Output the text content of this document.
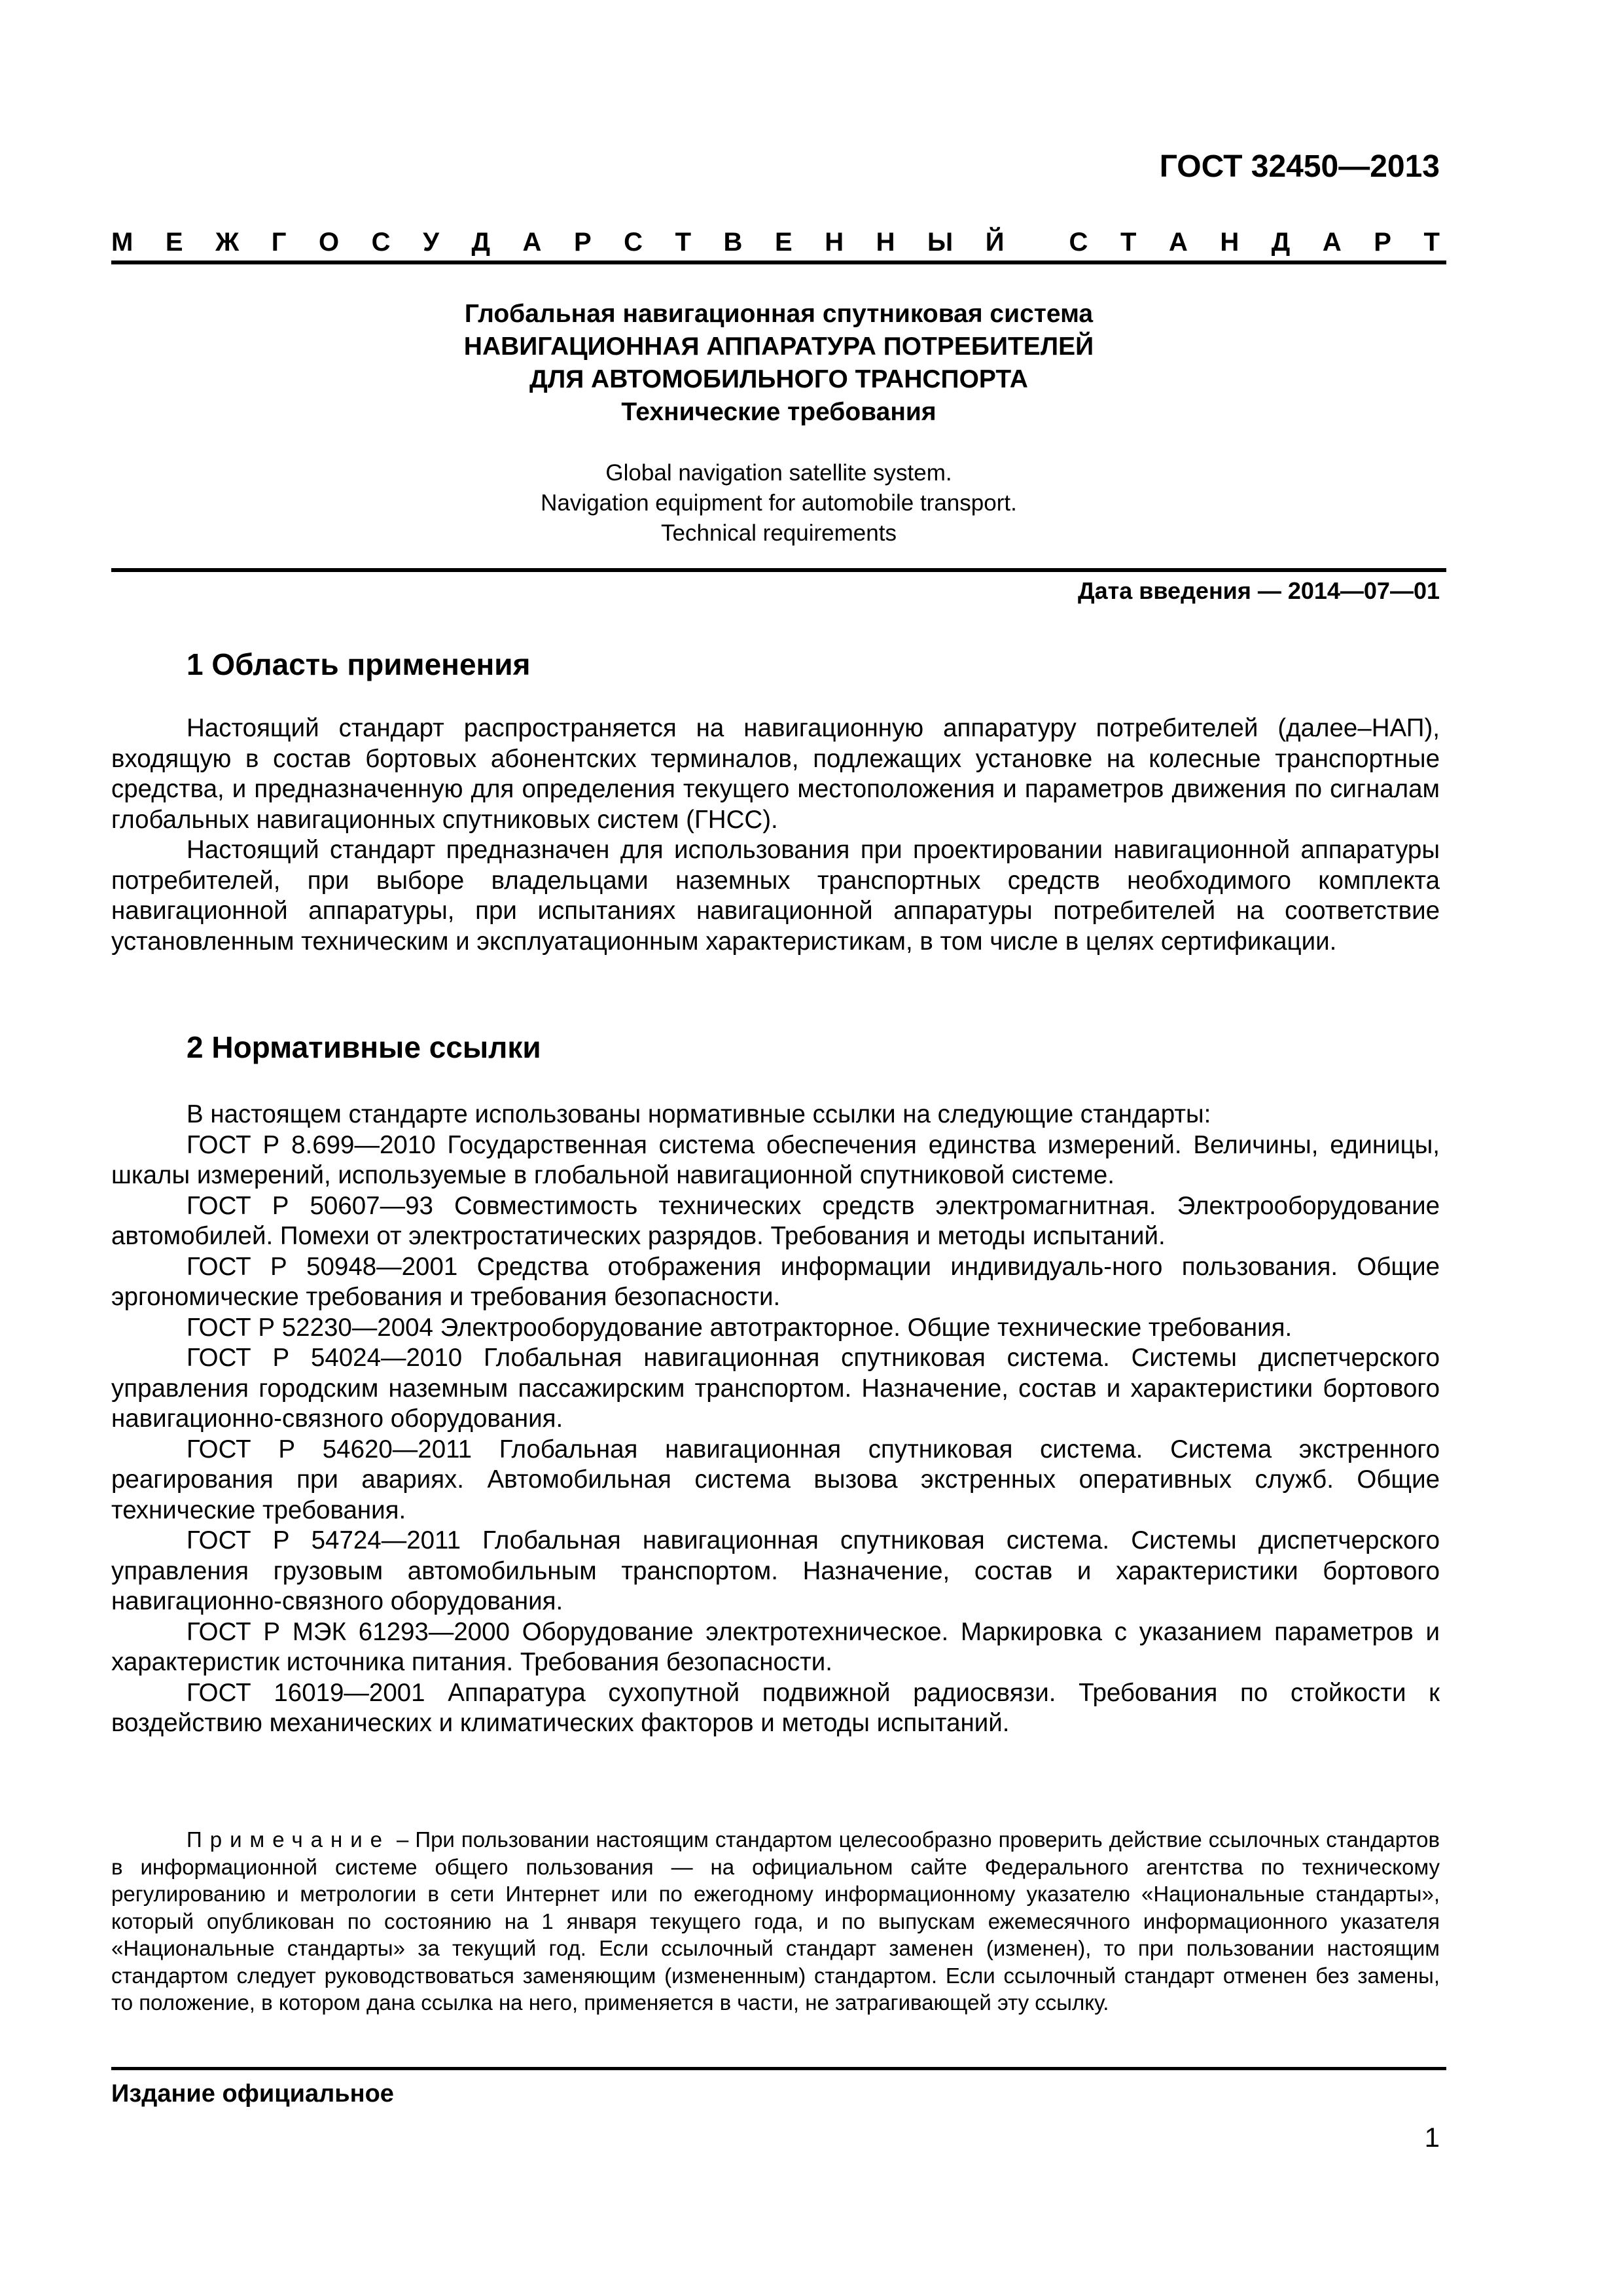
ГОСТ 32450—2013
М Е Ж Г О С У Д А Р С Т В Е Н Н Ы Й С Т А Н Д А Р Т
Глобальная навигационная спутниковая система
НАВИГАЦИОННАЯ АППАРАТУРА ПОТРЕБИТЕЛЕЙ
ДЛЯ АВТОМОБИЛЬНОГО ТРАНСПОРТА
Технические требования
Global navigation satellite system.
Navigation equipment for automobile transport.
Technical requirements
Дата введения — 2014—07—01
1 Область применения

Настоящий стандарт распространяется на навигационную аппаратуру потребителей (далее–НАП), входящую в состав бортовых абонентских терминалов, подлежащих установке на колесные транспортные средства, и предназначенную для определения текущего местоположения и параметров движения по сигналам глобальных навигационных спутниковых систем (ГНСС).

Настоящий стандарт предназначен для использования при проектировании навигационной аппаратуры потребителей, при выборе владельцами наземных транспортных средств необходимого комплекта навигационной аппаратуры, при испытаниях навигационной аппаратуры потребителей на соответствие установленным техническим и эксплуатационным характеристикам, в том числе в целях сертификации.

2 Нормативные ссылки

В настоящем стандарте использованы нормативные ссылки на следующие стандарты:

ГОСТ Р 8.699—2010 Государственная система обеспечения единства измерений. Величины, единицы, шкалы измерений, используемые в глобальной навигационной спутниковой системе.

ГОСТ Р 50607—93 Совместимость технических средств электромагнитная. Электрооборудование автомобилей. Помехи от электростатических разрядов. Требования и методы испытаний.

ГОСТ Р 50948—2001 Средства отображения информации индивидуаль-ного пользования. Общие эргономические требования и требования безопасности.

ГОСТ Р 52230—2004 Электрооборудование автотракторное. Общие технические требования.

ГОСТ Р 54024—2010 Глобальная навигационная спутниковая система. Системы диспетчерского управления городским наземным пассажирским транспортом. Назначение, состав и характеристики бортового навигационно-связного оборудования.

ГОСТ Р 54620—2011 Глобальная навигационная спутниковая система. Система экстренного реагирования при авариях. Автомобильная система вызова экстренных оперативных служб. Общие технические требования.

ГОСТ Р 54724—2011 Глобальная навигационная спутниковая система. Системы диспетчерского управления грузовым автомобильным транспортом. Назначение, состав и характеристики бортового навигационно-связного оборудования.

ГОСТ Р МЭК 61293—2000 Оборудование электротехническое. Маркировка с указанием параметров и характеристик источника питания. Требования безопасности.

ГОСТ 16019—2001 Аппаратура сухопутной подвижной радиосвязи. Требования по стойкости к воздействию механических и климатических факторов и методы испытаний.

Примечание – При пользовании настоящим стандартом целесообразно проверить действие ссылочных стандартов в информационной системе общего пользования — на официальном сайте Федерального агентства по техническому регулированию и метрологии в сети Интернет или по ежегодному информационному указателю «Национальные стандарты», который опубликован по состоянию на 1 января текущего года, и по выпускам ежемесячного информационного указателя «Национальные стандарты» за текущий год. Если ссылочный стандарт заменен (изменен), то при пользовании настоящим стандартом следует руководствоваться заменяющим (измененным) стандартом. Если ссылочный стандарт отменен без замены, то положение, в котором дана ссылка на него, применяется в части, не затрагивающей эту ссылку.

Издание официальное
1
